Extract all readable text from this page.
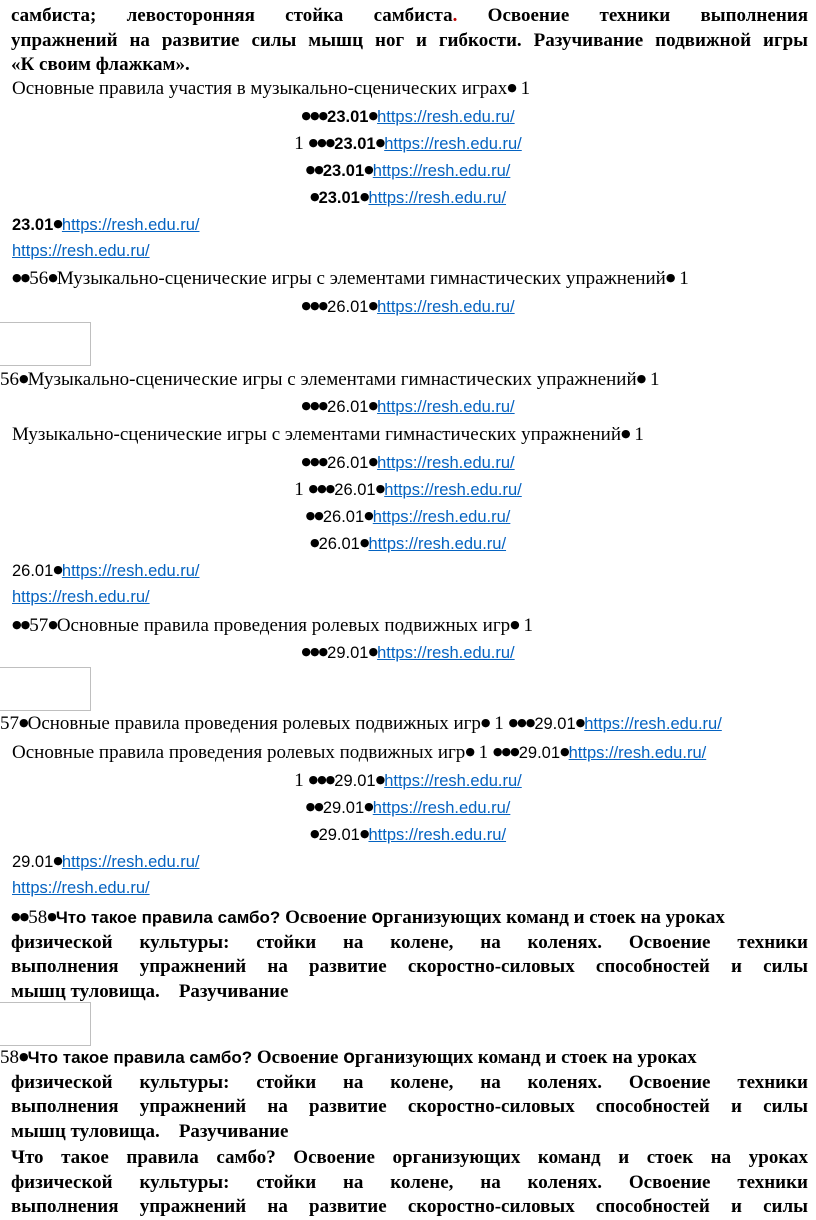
самбиста; левосторонняя стойка самбиста. Освоение техники выполнения
упражнений на развитие силы мышц ног и гибкости. Разучивание подвижной игры
«К своим флажкам».
Основные правила участия в музыкально-сценических играх● 1
●●●23.01●https://resh.edu.ru/
1 ●●●23.01●https://resh.edu.ru/
●●23.01●https://resh.edu.ru/
●23.01●https://resh.edu.ru/
23.01●https://resh.edu.ru/
https://resh.edu.ru/
●●56●Музыкально-сценические игры с элементами гимнастических упражнений● 1
●●●26.01●https://resh.edu.ru/
56●Музыкально-сценические игры с элементами гимнастических упражнений● 1
●●●26.01●https://resh.edu.ru/
Музыкально-сценические игры с элементами гимнастических упражнений● 1
●●●26.01●https://resh.edu.ru/
1 ●●●26.01●https://resh.edu.ru/
●●26.01●https://resh.edu.ru/
●26.01●https://resh.edu.ru/
26.01●https://resh.edu.ru/
https://resh.edu.ru/
●●57●Основные правила проведения ролевых подвижных игр● 1
●●●29.01●https://resh.edu.ru/
57●Основные правила проведения ролевых подвижных игр● 1 ●●●29.01●https://resh.edu.ru/
Основные правила проведения ролевых подвижных игр● 1 ●●●29.01●https://resh.edu.ru/
1 ●●●29.01●https://resh.edu.ru/
●●29.01●https://resh.edu.ru/
●29.01●https://resh.edu.ru/
29.01●https://resh.edu.ru/
https://resh.edu.ru/
●●58●Что такое правила самбо? Освоение организующих команд и стоек на уроках
физической культуры: стойки на колене, на коленях. Освоение техники
выполнения упражнений на развитие скоростно-силовых способностей и силы
мышц туловища. Разучивание
58●Что такое правила самбо? Освоение организующих команд и стоек на уроках
физической культуры: стойки на колене, на коленях. Освоение техники
выполнения упражнений на развитие скоростно-силовых способностей и силы
мышц туловища. Разучивание
Что такое правила самбо? Освоение организующих команд и стоек на уроках
физической культуры: стойки на колене, на коленях. Освоение техники
выполнения упражнений на развитие скоростно-силовых способностей и силы
